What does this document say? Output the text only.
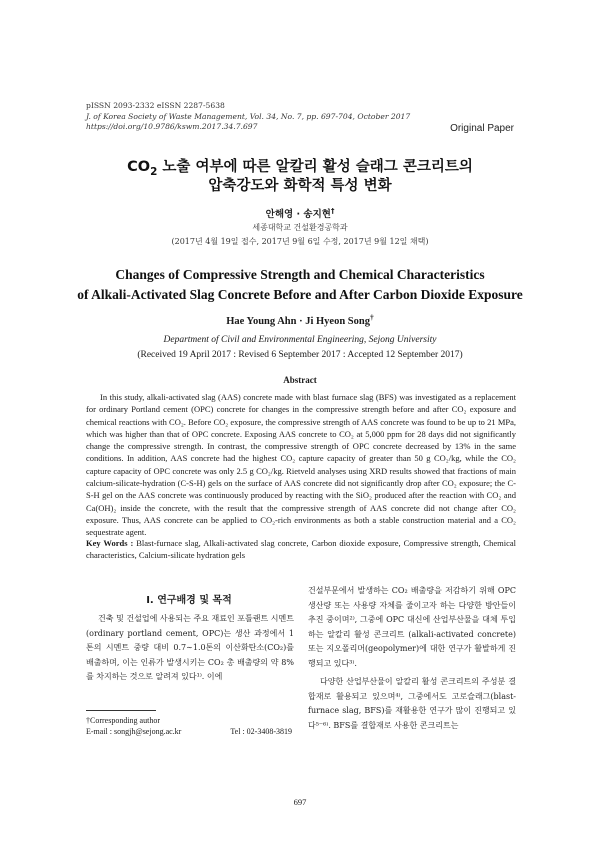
pISSN 2093-2332 eISSN 2287-5638
J. of Korea Society of Waste Management, Vol. 34, No. 7, pp. 697-704, October 2017
https://doi.org/10.9786/kswm.2017.34.7.697	Original Paper
$CO_2$ 노출 여부에 따른 알칼리 활성 슬래그 콘크리트의
압축강도와 화학적 특성 변화
안해영 · 송지현†
세종대학교 건설환경공학과
(2017년 4월 19일 접수, 2017년 9월 6일 수정, 2017년 9월 12일 채택)
Changes of Compressive Strength and Chemical Characteristics
of Alkali-Activated Slag Concrete Before and After Carbon Dioxide Exposure
Hae Young Ahn · Ji Hyeon Song†
Department of Civil and Environmental Engineering, Sejong University
(Received 19 April 2017 : Revised 6 September 2017 : Accepted 12 September 2017)
Abstract
In this study, alkali-activated slag (AAS) concrete made with blast furnace slag (BFS) was investigated as a replacement for ordinary Portland cement (OPC) concrete for changes in the compressive strength before and after CO₂ exposure and chemical reactions with CO₂. Before CO₂ exposure, the compressive strength of AAS concrete was found to be up to 21 MPa, which was higher than that of OPC concrete. Exposing AAS concrete to CO₂ at 5,000 ppm for 28 days did not significantly change the compressive strength. In contrast, the compressive strength of OPC concrete decreased by 13% in the same conditions. In addition, AAS concrete had the highest CO₂ capture capacity of greater than 50 g CO₂/kg, while the CO₂ capture capacity of OPC concrete was only 2.5 g CO₂/kg. Rietveld analyses using XRD results showed that fractions of main calcium-silicate-hydration (C-S-H) gels on the surface of AAS concrete did not significantly drop after CO₂ exposure; the C-S-H gel on the AAS concrete was continuously produced by reacting with the SiO₂ produced after the reaction with CO₂ and Ca(OH)₂ inside the concrete, with the result that the compressive strength of AAS concrete did not change after CO₂ exposure. Thus, AAS concrete can be applied to CO₂-rich environments as both a stable construction material and a CO₂ sequestrate agent.
Key Words : Blast-furnace slag, Alkali-activated slag concrete, Carbon dioxide exposure, Compressive strength, Chemical characteristics, Calcium-silicate hydration gels
I. 연구배경 및 목적

건축 및 건설업에 사용되는 주요 재료인 포틀랜트 시멘트(ordinary portland cement, OPC)는 생산 과정에서 1톤의 시멘트 중량 대비 0.7∼1.0톤의 이산화탄소(CO₂)를 배출하며, 이는 인류가 발생시키는 CO₂ 총 배출량의 약 8%를 차지하는 것으로 알려져 있다¹⁾. 이에

건설부문에서 발생하는 CO₂ 배출량을 저감하기 위해 OPC 생산량 또는 사용량 자체를 줄이고자 하는 다양한 방안들이 추진 중이며²⁾, 그중에 OPC 대신에 산업부산물을 대체 투입하는 알칼리 활성 콘크리트 (alkali-activated concrete) 또는 지오폴리머(geopolymer)에 대한 연구가 활발하게 진행되고 있다³⁾.

다양한 산업부산물이 알칼리 활성 콘크리트의 주성분 결합재로 활용되고 있으며⁴⁾, 그중에서도 고로슬래그(blast-furnace slag, BFS)를 재활용한 연구가 많이 진행되고 있다⁵⁻⁶⁾. BFS를 결합재로 사용한 콘크리트는

†Corresponding author
E-mail : songjh@sejong.ac.kr	Tel : 02-3408-3819
697
